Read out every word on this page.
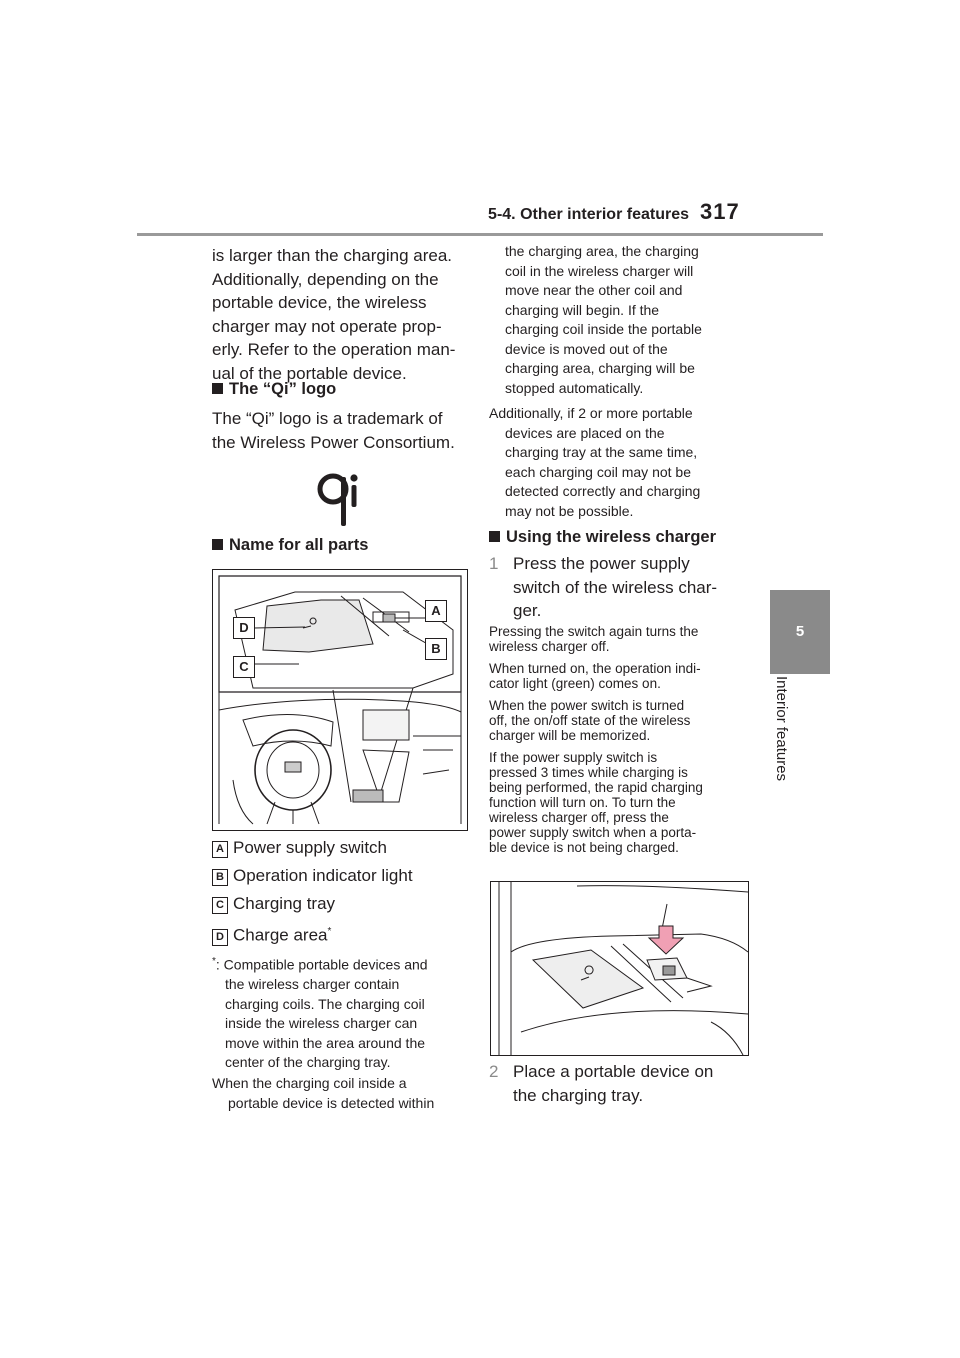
5-4. Other interior features 317
5
Interior features
is larger than the charging area.
Additionally, depending on the
portable device, the wireless
charger may not operate prop-
erly. Refer to the operation man-
ual of the portable device.
The “Qi” logo
The “Qi” logo is a trademark of
the Wireless Power Consortium.
Name for all parts
A
B
D
C
A Power supply switch
B Operation indicator light
C Charging tray
D Charge area*
*: Compatible portable devices and
the wireless charger contain
charging coils. The charging coil
inside the wireless charger can
move within the area around the
center of the charging tray.
When the charging coil inside a
portable device is detected within
the charging area, the charging
coil in the wireless charger will
move near the other coil and
charging will begin. If the
charging coil inside the portable
device is moved out of the
charging area, charging will be
stopped automatically.
Additionally, if 2 or more portable
devices are placed on the
charging tray at the same time,
each charging coil may not be
detected correctly and charging
may not be possible.
Using the wireless charger
1 Press the power supply
switch of the wireless char-
ger.
Pressing the switch again turns the
wireless charger off.
When turned on, the operation indi-
cator light (green) comes on.
When the power switch is turned
off, the on/off state of the wireless
charger will be memorized.
If the power supply switch is
pressed 3 times while charging is
being performed, the rapid charging
function will turn on. To turn the
wireless charger off, press the
power supply switch when a porta-
ble device is not being charged.
2 Place a portable device on
the charging tray.
